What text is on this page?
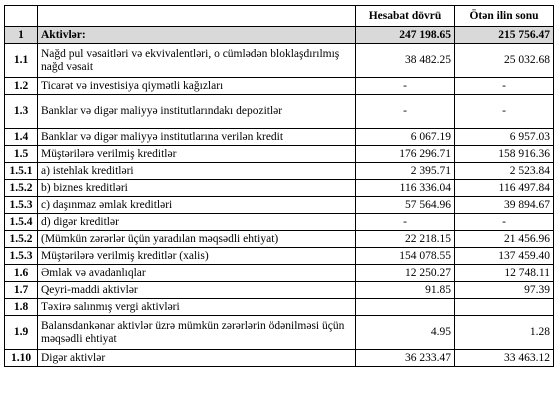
		Hesabat dövrü	Ötən ilin sonu
1	Aktivlər:	247 198.65	215 756.47
1.1	Nağd pul vəsaitləri və ekvivalentləri, o cümlədən bloklaşdırılmış nağd vəsait	38 482.25	25 032.68
1.2	Ticarət və investisiya qiymətli kağızları	-	-
1.3	Banklar və digər maliyyə institutlarındakı depozitlər	-	-
1.4	Banklar və digər maliyyə institutlarına verilən kredit	6 067.19	6 957.03
1.5	Müştərilərə verilmiş kreditlər	176 296.71	158 916.36
1.5.1	a) istehlak kreditləri	2 395.71	2 523.84
1.5.2	b) biznes kreditləri	116 336.04	116 497.84
1.5.3	c) daşınmaz əmlak kreditləri	57 564.96	39 894.67
1.5.4	d) digər kreditlər	-	-
1.5.2	(Mümkün zərərlər üçün yaradılan məqsədli ehtiyat)	22 218.15	21 456.96
1.5.3	Müştərilərə verilmiş kreditlər (xalis)	154 078.55	137 459.40
1.6	Əmlak və avadanlıqlar	12 250.27	12 748.11
1.7	Qeyri-maddi aktivlər	91.85	97.39
1.8	Təxirə salınmış vergi aktivləri		
1.9	Balansdankənar aktivlər üzrə mümkün zərərlərin ödənilməsi üçün məqsədli ehtiyat	4.95	1.28
1.10	Digər aktivlər	36 233.47	33 463.12
